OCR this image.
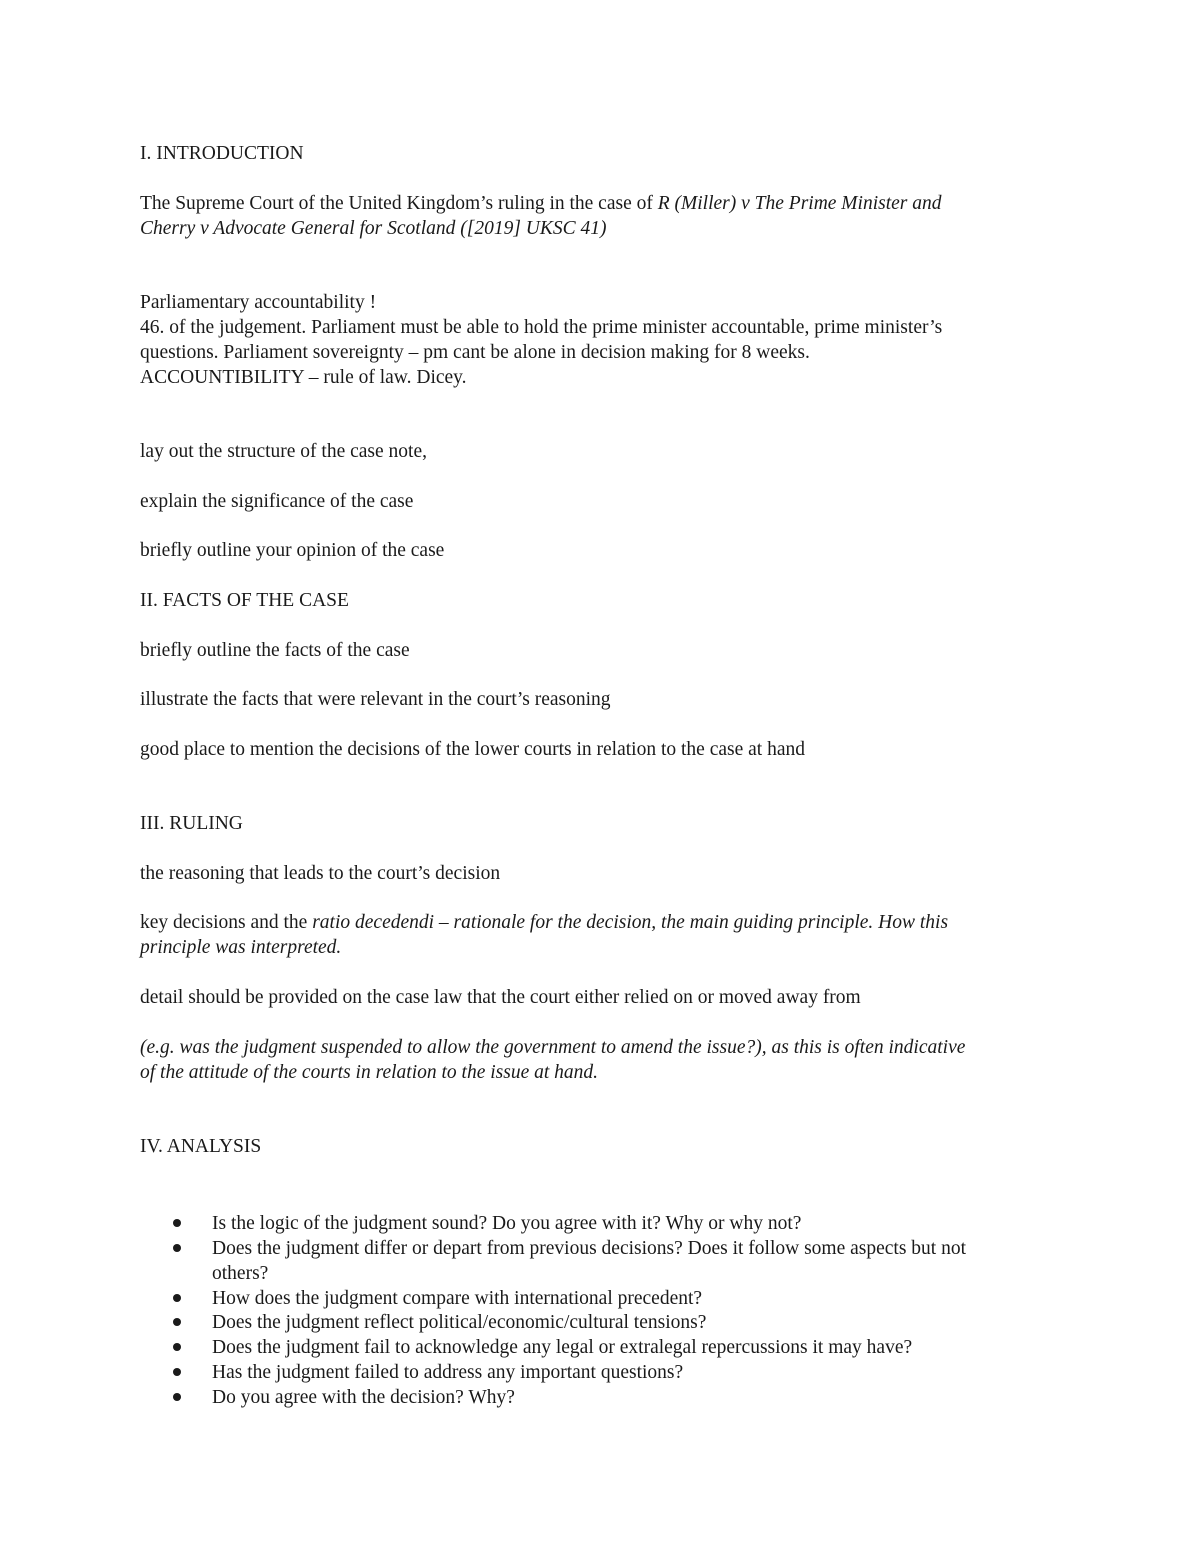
I. INTRODUCTION
The Supreme Court of the United Kingdom’s ruling in the case of R (Miller) v The Prime Minister and
Cherry v Advocate General for Scotland ([2019] UKSC 41)
Parliamentary accountability !
46. of the judgement. Parliament must be able to hold the prime minister accountable, prime minister’s
questions. Parliament sovereignty – pm cant be alone in decision making for 8 weeks.
ACCOUNTIBILITY – rule of law. Dicey.
lay out the structure of the case note,
explain the significance of the case
briefly outline your opinion of the case
II. FACTS OF THE CASE
briefly outline the facts of the case
illustrate the facts that were relevant in the court’s reasoning
good place to mention the decisions of the lower courts in relation to the case at hand
III. RULING
the reasoning that leads to the court’s decision
key decisions and the ratio decedendi – rationale for the decision, the main guiding principle. How this
principle was interpreted.
detail should be provided on the case law that the court either relied on or moved away from
(e.g. was the judgment suspended to allow the government to amend the issue?), as this is often indicative
of the attitude of the courts in relation to the issue at hand.
IV. ANALYSIS
Is the logic of the judgment sound? Do you agree with it? Why or why not?
Does the judgment differ or depart from previous decisions? Does it follow some aspects but not
others?
How does the judgment compare with international precedent?
Does the judgment reflect political/economic/cultural tensions?
Does the judgment fail to acknowledge any legal or extralegal repercussions it may have?
Has the judgment failed to address any important questions?
Do you agree with the decision? Why?
